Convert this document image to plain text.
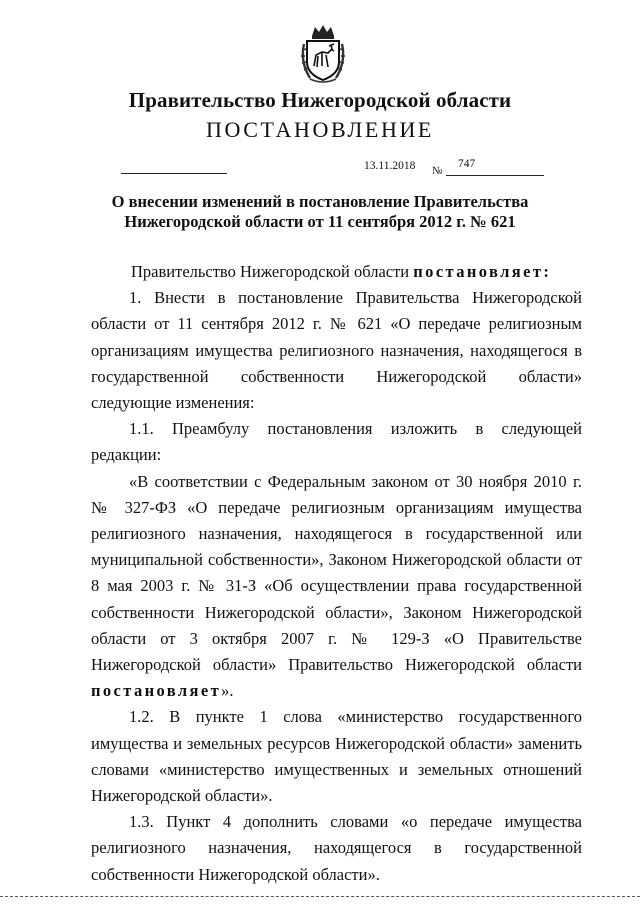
Правительство Нижегородской области
ПОСТАНОВЛЕНИЕ
13.11.2018 №
747
О внесении изменений в постановление Правительства
Нижегородской области от 11 сентября 2012 г. № 621

Правительство Нижегородской области постановляет:

1. Внести в постановление Правительства Нижегородской области от 11 сентября 2012 г. № 621 «О передаче религиозным организациям имущества религиозного назначения, находящегося в государственной собственности Нижегородской области» следующие изменения:

1.1. Преамбулу постановления изложить в следующей редакции:

«В соответствии с Федеральным законом от 30 ноября 2010 г. № 327-ФЗ «О передаче религиозным организациям имущества религиозного назначения, находящегося в государственной или муниципальной собственности», Законом Нижегородской области от 8 мая 2003 г. № 31-З «Об осуществлении права государственной собственности Нижегородской области», Законом Нижегородской области от 3 октября 2007 г. № 129-З «О Правительстве Нижегородской области» Правительство Нижегородской области постановляет».

1.2. В пункте 1 слова «министерство государственного имущества и земельных ресурсов Нижегородской области» заменить словами «министерство имущественных и земельных отношений Нижегородской области».

1.3. Пункт 4 дополнить словами «о передаче имущества религиозного назначения, находящегося в государственной собственности Нижегородской области».
